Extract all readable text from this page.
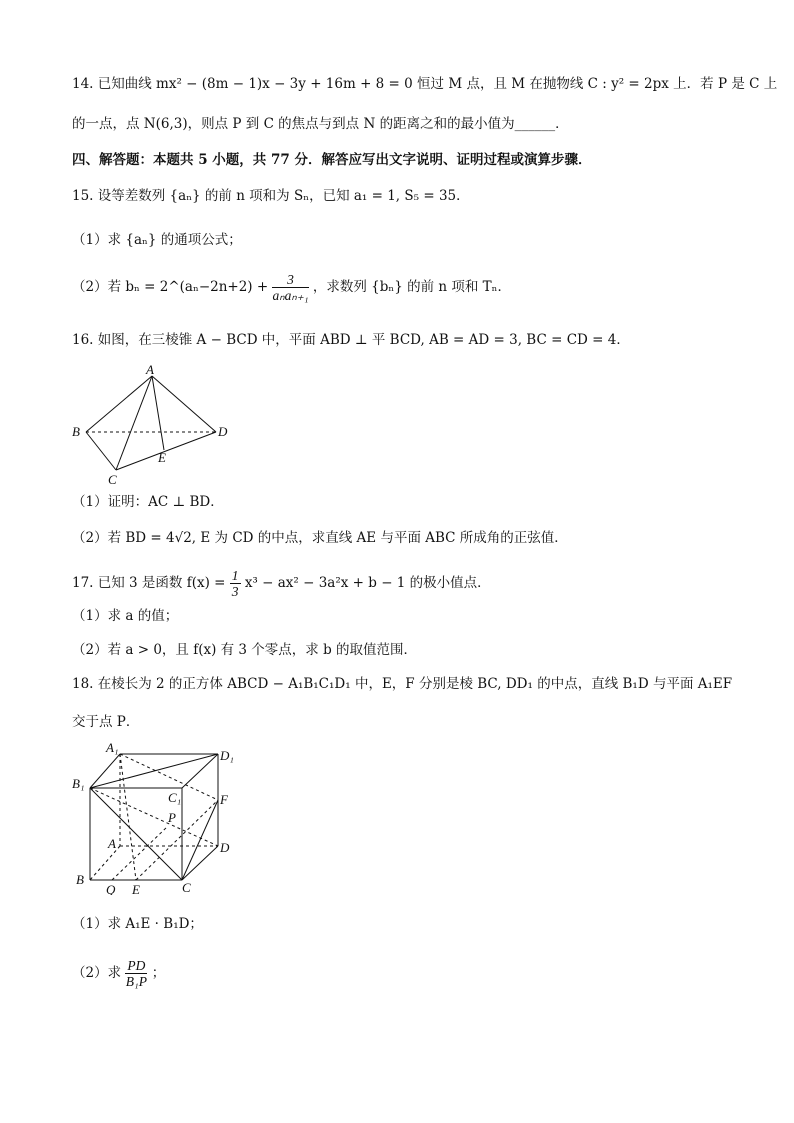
14. 已知曲线 mx² − (8m − 1)x − 3y + 16m + 8 = 0 恒过 M 点，且 M 在抛物线 C : y² = 2px 上．若 P 是 C 上
的一点，点 N(6,3)，则点 P 到 C 的焦点与到点 N 的距离之和的最小值为______．
四、解答题：本题共 5 小题，共 77 分．解答应写出文字说明、证明过程或演算步骤．
15. 设等差数列 {aₙ} 的前 n 项和为 Sₙ，已知 a₁ = 1, S₅ = 35．
（1）求 {aₙ} 的通项公式；
（2）若 bₙ = 2^(aₙ−2n+2) + $\frac{3}{\text{aₙaₙ₊₁}}$ ，求数列 {bₙ} 的前 n 项和 Tₙ．
16. 如图，在三棱锥 A − BCD 中，平面 ABD ⊥ 平 BCD, AB = AD = 3, BC = CD = 4．
A
B
C
D
E
（1）证明：AC ⊥ BD．
（2）若 BD = 4√2, E 为 CD 的中点，求直线 AE 与平面 ABC 所成角的正弦值．
17. 已知 3 是函数 $f(x) = \frac{1}{3} x^3 - ax^2 - 3a^2x + b - 1$ 的极小值点．
（1）求 a 的值；
（2）若 a > 0，且 f(x) 有 3 个零点，求 b 的取值范围．
18. 在棱长为 2 的正方体 ABCD − A₁B₁C₁D₁ 中，E，F 分别是棱 BC, DD₁ 的中点，直线 B₁D 与平面 A₁EF
交于点 P．
A₁
D₁
B₁
C₁	F
P
A	D
B
Q E	C
（1）求 A₁E · B₁D；
（2）求 $\frac{PD}{\text{B₁P}}$ ；
